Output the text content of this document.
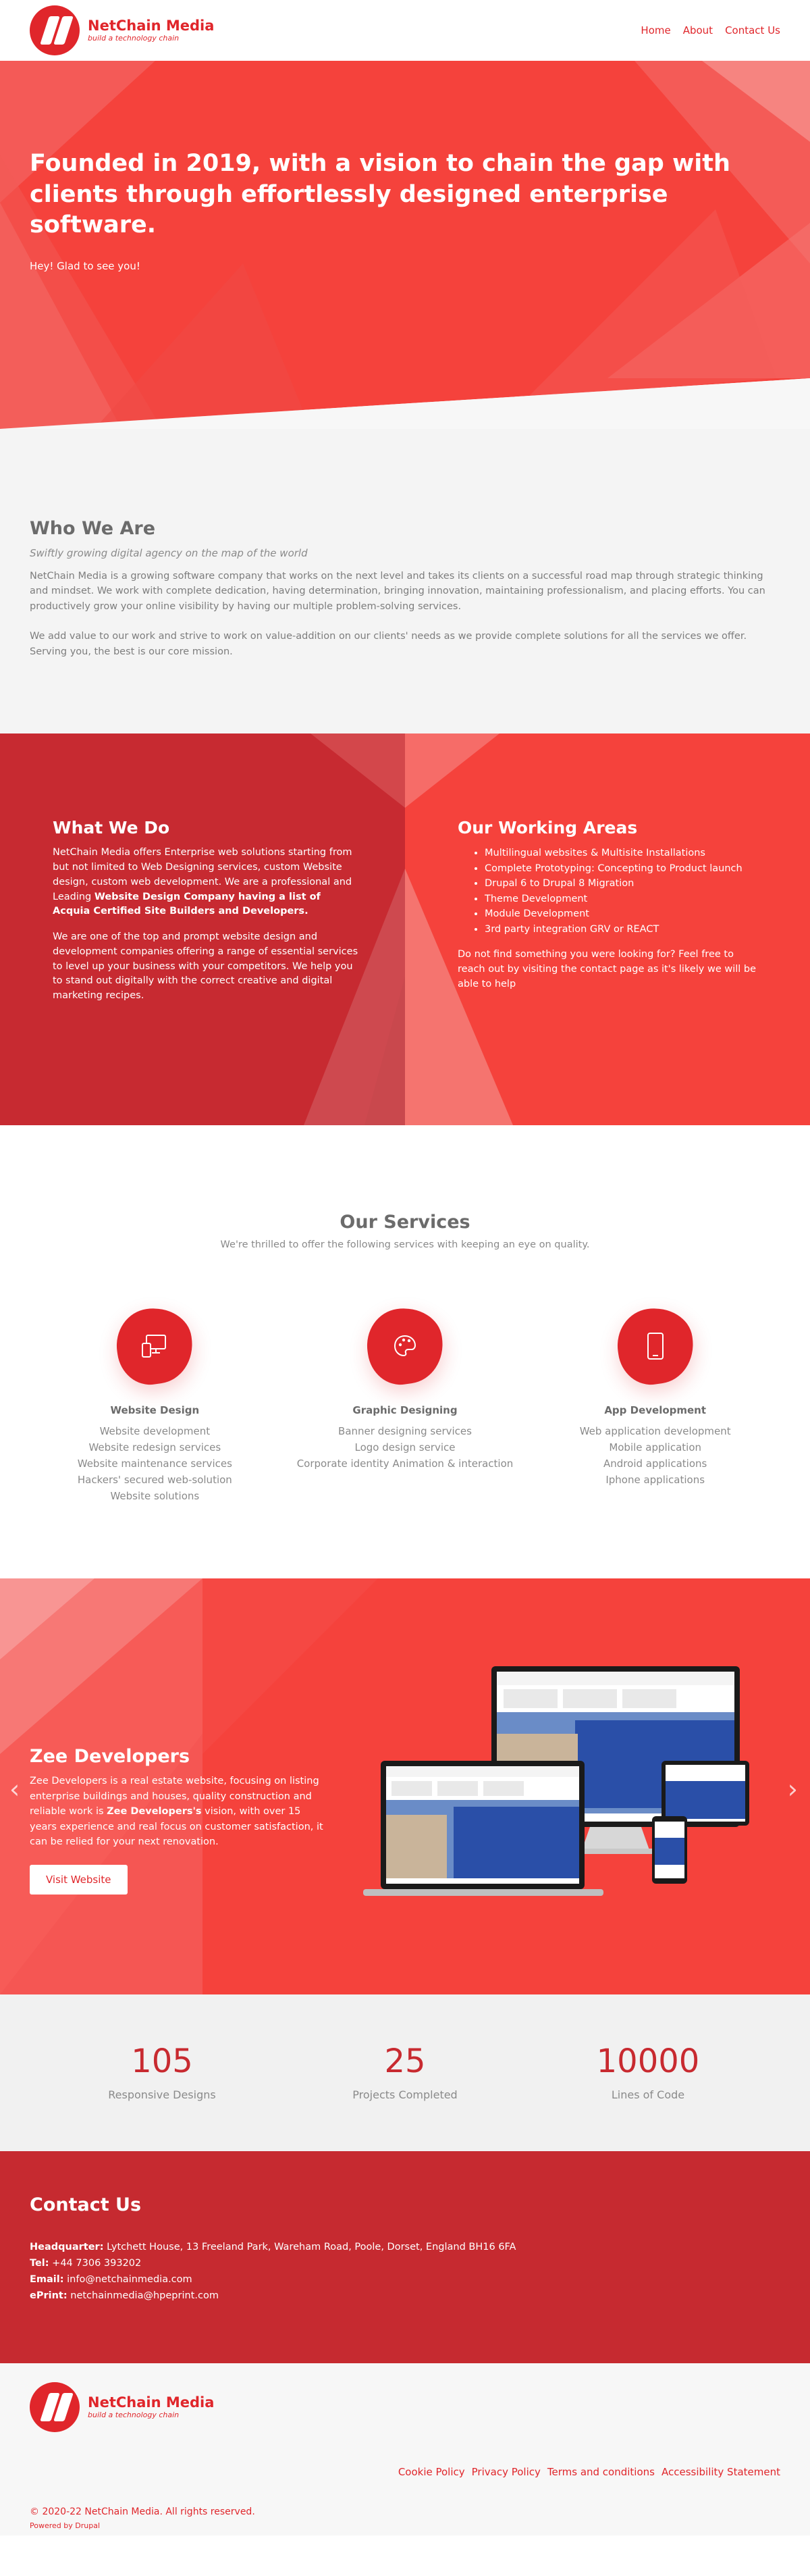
NetChain Media
build a technology chain
Home About Contact Us
Founded in 2019, with a vision to chain the gap with clients through effortlessly designed enterprise software.

Hey! Glad to see you!

Who We Are
Swiftly growing digital agency on the map of the world

NetChain Media is a growing software company that works on the next level and takes its clients on a successful road map through strategic thinking and mindset. We work with complete dedication, having determination, bringing innovation, maintaining professionalism, and placing efforts. You can productively grow your online visibility by having our multiple problem-solving services.

We add value to our work and strive to work on value-addition on our clients' needs as we provide complete solutions for all the services we offer. Serving you, the best is our core mission.

What We Do

NetChain Media offers Enterprise web solutions starting from but not limited to Web Designing services, custom Website design, custom web development. We are a professional and Leading Website Design Company having a list of Acquia Certified Site Builders and Developers.

We are one of the top and prompt website design and development companies offering a range of essential services to level up your business with your competitors. We help you to stand out digitally with the correct creative and digital marketing recipes.

Our Working Areas
• Multilingual websites & Multisite Installations
• Complete Prototyping: Concepting to Product launch
• Drupal 6 to Drupal 8 Migration
• Theme Development
• Module Development
• 3rd party integration GRV or REACT

Do not find something you were looking for? Feel free to reach out by visiting the contact page as it's likely we will be able to help

Our Services
We're thrilled to offer the following services with keeping an eye on quality.
Website Design
Website development
Website redesign services
Website maintenance services
Hackers' secured web-solution
Website solutions
Graphic Designing
Banner designing services
Logo design service
Corporate identity Animation & interaction
App Development
Web application development
Mobile application
Android applications
Iphone applications
‹	›
Zee Developers

Zee Developers is a real estate website, focusing on listing enterprise buildings and houses, quality construction and reliable work is Zee Developers's vision, with over 15 years experience and real focus on customer satisfaction, it can be relied for your next renovation.

Visit Website
105
Responsive Designs
25
Projects Completed
10000
Lines of Code
Contact Us
Headquarter: Lytchett House, 13 Freeland Park, Wareham Road, Poole, Dorset, England BH16 6FA
Tel: +44 7306 393202
Email: info@netchainmedia.com
ePrint: netchainmedia@hpeprint.com
NetChain Media
build a technology chain
Cookie Policy Privacy Policy Terms and conditions Accessibility Statement
© 2020-22 NetChain Media. All rights reserved.
Powered by Drupal
